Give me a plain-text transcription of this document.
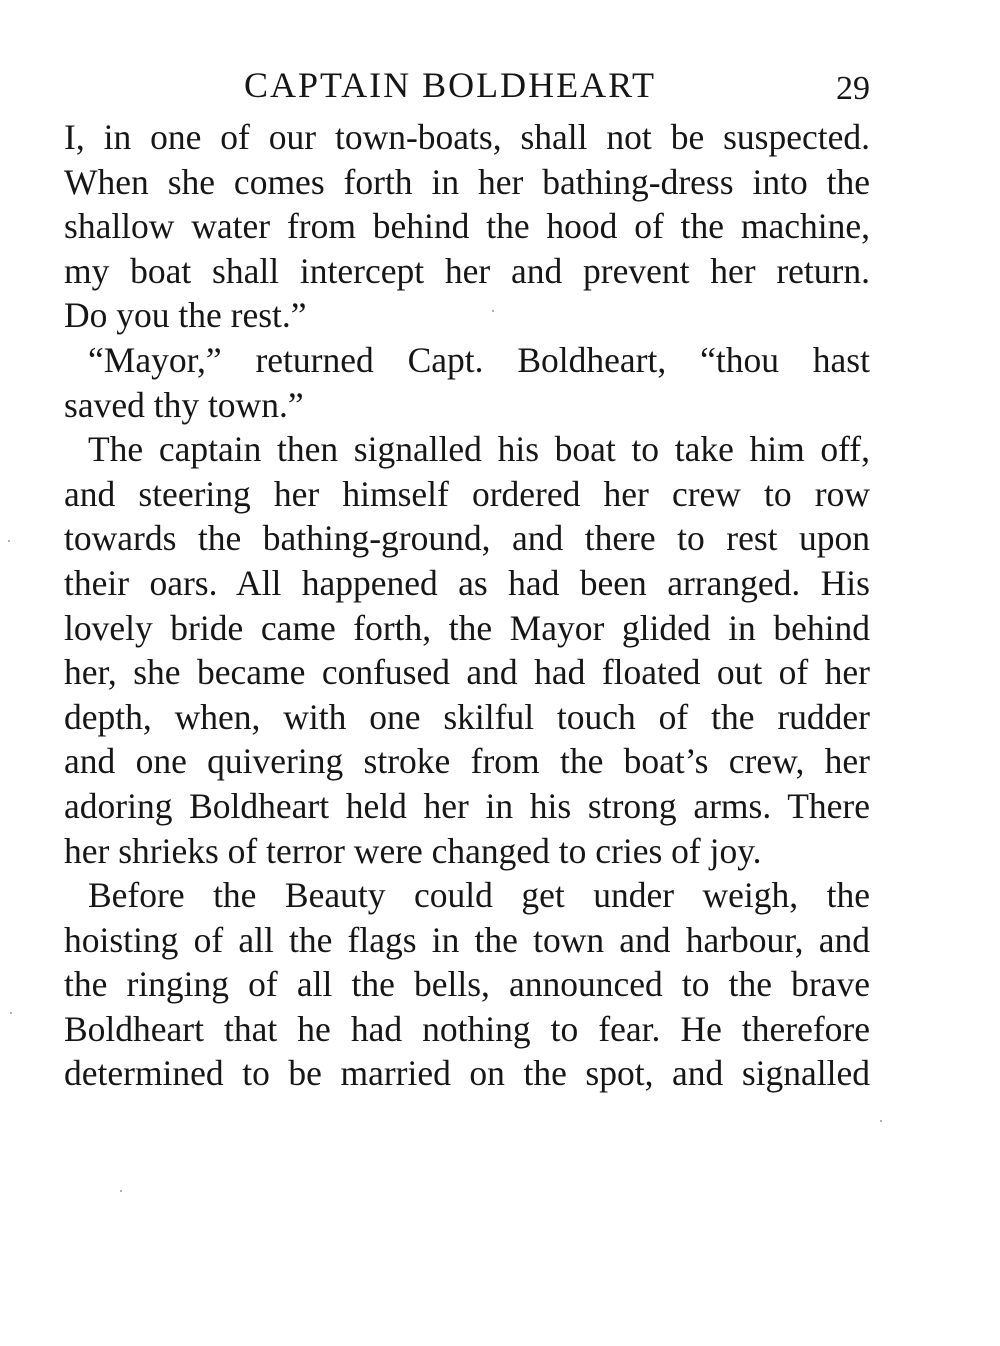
CAPTAIN BOLDHEART	29
I, in one of our town-boats, shall not be suspected.
When she comes forth in her bathing-dress into the
shallow water from behind the hood of the machine,
my boat shall intercept her and prevent her return.
Do you the rest.”
“Mayor,” returned Capt. Boldheart, “thou hast
saved thy town.”
The captain then signalled his boat to take him off,
and steering her himself ordered her crew to row
towards the bathing-ground, and there to rest upon
their oars. All happened as had been arranged. His
lovely bride came forth, the Mayor glided in behind
her, she became confused and had floated out of her
depth, when, with one skilful touch of the rudder
and one quivering stroke from the boat’s crew, her
adoring Boldheart held her in his strong arms. There
her shrieks of terror were changed to cries of joy.
Before the Beauty could get under weigh, the
hoisting of all the flags in the town and harbour, and
the ringing of all the bells, announced to the brave
Boldheart that he had nothing to fear. He therefore
determined to be married on the spot, and signalled
